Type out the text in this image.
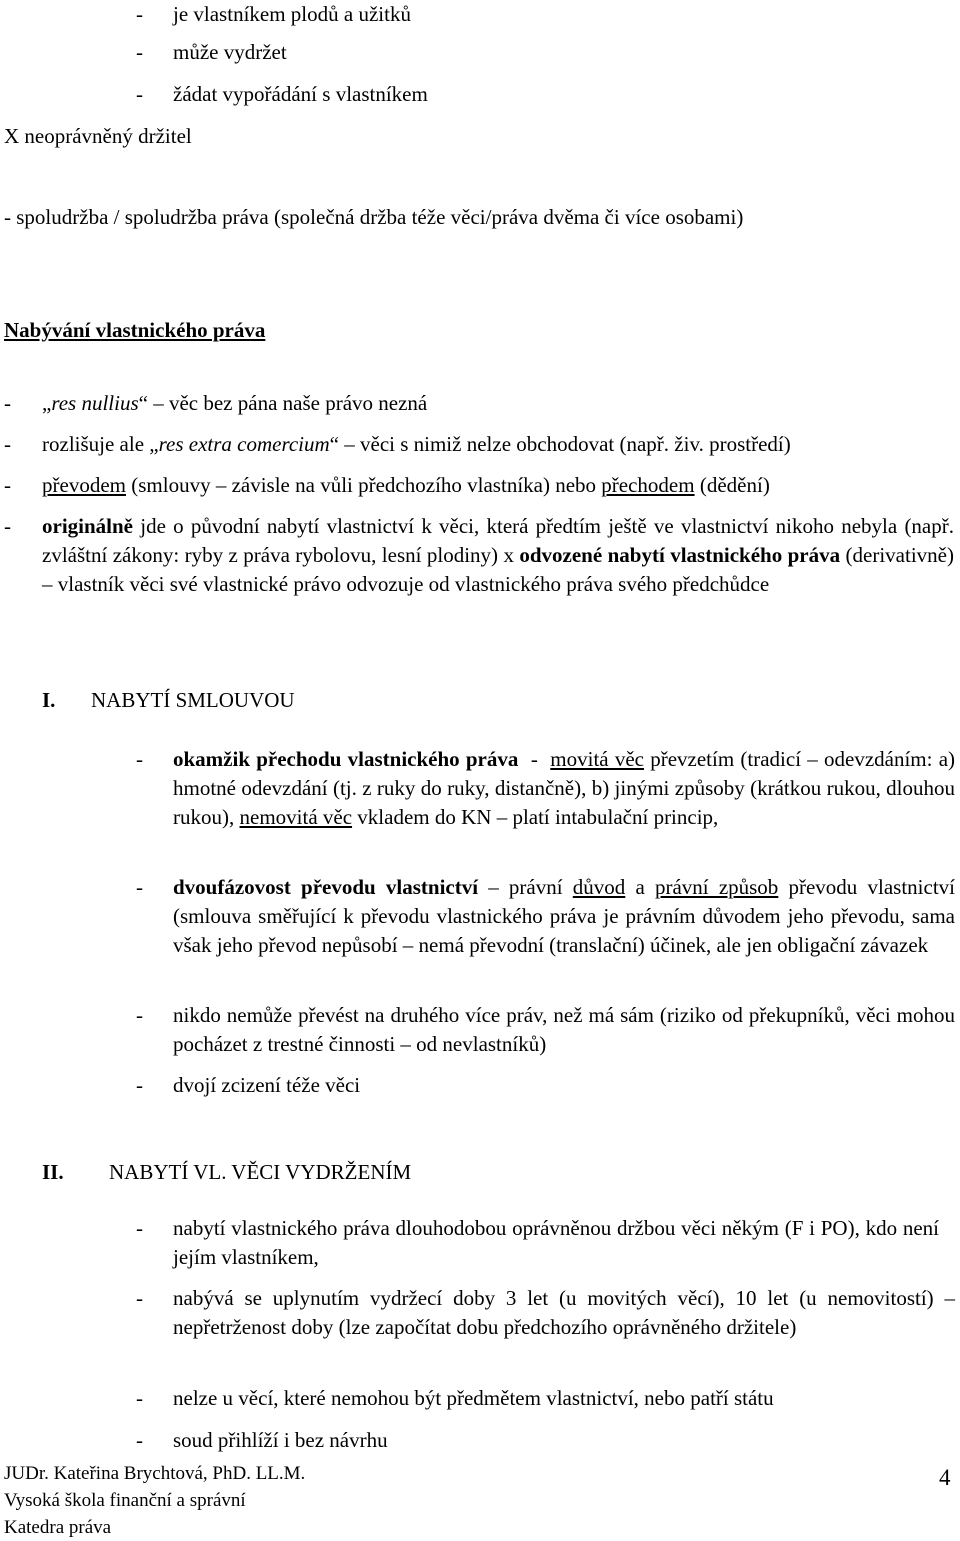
- je vlastníkem plodů a užitků
- může vydržet
- žádat vypořádání s vlastníkem
X neoprávněný držitel
- spoludržba / spoludržba práva (společná držba téže věci/práva dvěma či více osobami)
Nabývání vlastnického práva
- „res nullius“ – věc bez pána naše právo nezná
- rozlišuje ale „res extra comercium“ – věci s nimiž nelze obchodovat (např. živ. prostředí)
- převodem (smlouvy – závisle na vůli předchozího vlastníka) nebo přechodem (dědění)
- originálně jde o původní nabytí vlastnictví k věci, která předtím ještě ve vlastnictví nikoho nebyla (např. zvláštní zákony: ryby z práva rybolovu, lesní plodiny) x odvozené nabytí vlastnického práva (derivativně) – vlastník věci své vlastnické právo odvozuje od vlastnického práva svého předchůdce
I. NABYTÍ SMLOUVOU
- okamžik přechodu vlastnického práva  -  movitá věc převzetím (tradicí – odevzdáním: a) hmotné odevzdání (tj. z ruky do ruky, distančně), b) jinými způsoby (krátkou rukou, dlouhou rukou), nemovitá věc vkladem do KN – platí intabulační princip,
- dvoufázovost převodu vlastnictví – právní důvod a právní způsob převodu vlastnictví (smlouva směřující k převodu vlastnického práva je právním důvodem jeho převodu, sama však jeho převod nepůsobí – nemá převodní (translační) účinek, ale jen obligační závazek
- nikdo nemůže převést na druhého více práv, než má sám (riziko od překupníků, věci mohou pocházet z trestné činnosti – od nevlastníků)
- dvojí zcizení téže věci
II. NABYTÍ VL. VĚCI VYDRŽENÍM
- nabytí vlastnického práva dlouhodobou oprávněnou držbou věci někým (F i PO), kdo není jejím vlastníkem,
- nabývá se uplynutím vydržecí doby 3 let (u movitých věcí), 10 let (u nemovitostí) – nepřetrženost doby (lze započítat dobu předchozího oprávněného držitele)
- nelze u věcí, které nemohou být předmětem vlastnictví, nebo patří státu
- soud přihlíží i bez návrhu
JUDr. Kateřina Brychtová, PhD. LL.M.
Vysoká škola finanční a správní
Katedra práva
4
